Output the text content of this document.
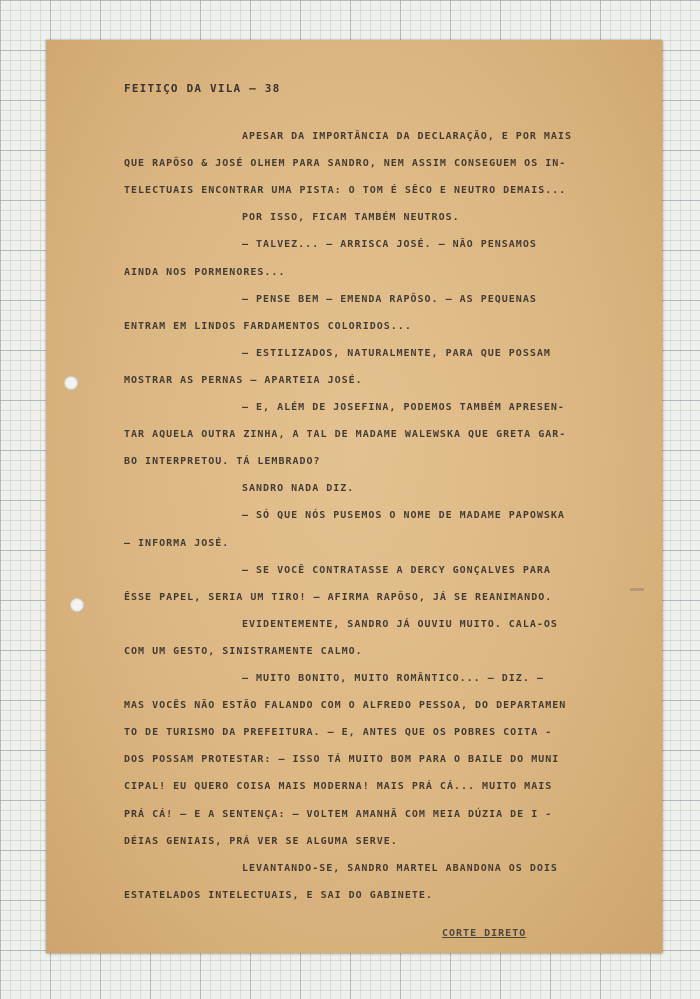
FEITIÇO DA VILA – 38
APESAR DA IMPORTÂNCIA DA DECLARAÇÃO, E POR MAIS
QUE RAPÔSO & JOSÉ OLHEM PARA SANDRO, NEM ASSIM CONSEGUEM OS IN-
TELECTUAIS ENCONTRAR UMA PISTA: O TOM É SÊCO E NEUTRO DEMAIS...
POR ISSO, FICAM TAMBÉM NEUTROS.
— TALVEZ... — ARRISCA JOSÉ. — NÃO PENSAMOS
AINDA NOS PORMENORES...
— PENSE BEM — EMENDA RAPÔSO. — AS PEQUENAS
ENTRAM EM LINDOS FARDAMENTOS COLORIDOS...
— ESTILIZADOS, NATURALMENTE, PARA QUE POSSAM
MOSTRAR AS PERNAS — APARTEIA JOSÉ.
— E, ALÉM DE JOSEFINA, PODEMOS TAMBÉM APRESEN-
TAR AQUELA OUTRA ZINHA, A TAL DE MADAME WALEWSKA QUE GRETA GAR-
BO INTERPRETOU. TÁ LEMBRADO?
SANDRO NADA DIZ.
— SÓ QUE NÓS PUSEMOS O NOME DE MADAME PAPOWSKA
— INFORMA JOSÉ.
— SE VOCÊ CONTRATASSE A DERCY GONÇALVES PARA
ÊSSE PAPEL, SERIA UM TIRO! — AFIRMA RAPÔSO, JÁ SE REANIMANDO.
EVIDENTEMENTE, SANDRO JÁ OUVIU MUITO. CALA-OS
COM UM GESTO, SINISTRAMENTE CALMO.
— MUITO BONITO, MUITO ROMÂNTICO... — DIZ. —
MAS VOCÊS NÃO ESTÃO FALANDO COM O ALFREDO PESSOA, DO DEPARTAMEN
TO DE TURISMO DA PREFEITURA. — E, ANTES QUE OS POBRES COITA -
DOS POSSAM PROTESTAR: — ISSO TÁ MUITO BOM PARA O BAILE DO MUNI
CIPAL! EU QUERO COISA MAIS MODERNA! MAIS PRÁ CÁ... MUITO MAIS
PRÁ CÁ! — E A SENTENÇA: — VOLTEM AMANHÃ COM MEIA DÚZIA DE I -
DÉIAS GENIAIS, PRÁ VER SE ALGUMA SERVE.
LEVANTANDO-SE, SANDRO MARTEL ABANDONA OS DOIS
ESTATELADOS INTELECTUAIS, E SAI DO GABINETE.
CORTE DIRETO
